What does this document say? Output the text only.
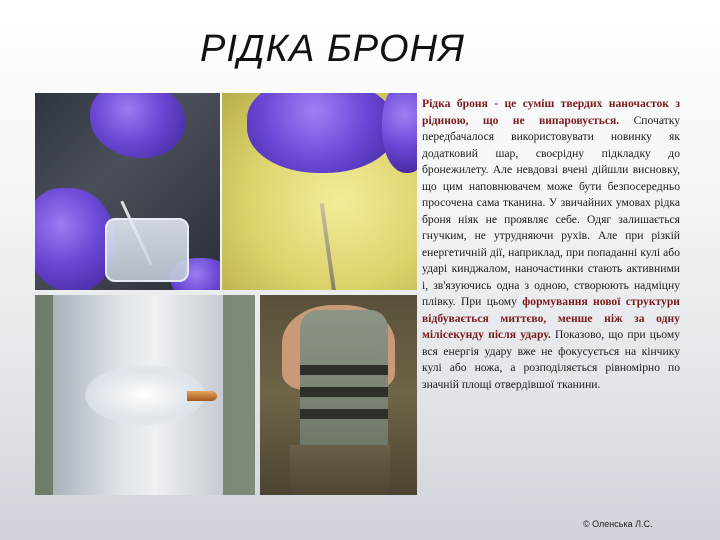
РІДКА БРОНЯ

Рідка броня - це суміш твердих наночасток з рідиною, що не випаровується. Спочатку передбачалося використовувати новинку як додатковий шар, своєрідну підкладку до бронежилету. Але невдовзі вчені дійшли висновку, що цим наповнювачем може бути безпосередньо просочена сама тканина. У звичайних умовах рідка броня ніяк не проявляє себе. Одяг залишається гнучким, не утрудняючи рухів. Але при різкій енергетичній дії, наприклад, при попаданні кулі або ударі кинджалом, наночастинки стають активними і, зв'язуючись одна з одною, створюють надміцну плівку. При цьому формування нової структури відбувається миттєво, менше ніж за одну мілісекунду після удару. Показово, що при цьому вся енергія удару вже не фокусується на кінчику кулі або ножа, а розподіляється рівномірно по значній площі отвердівшої тканини.

© Оленська Л.С.
